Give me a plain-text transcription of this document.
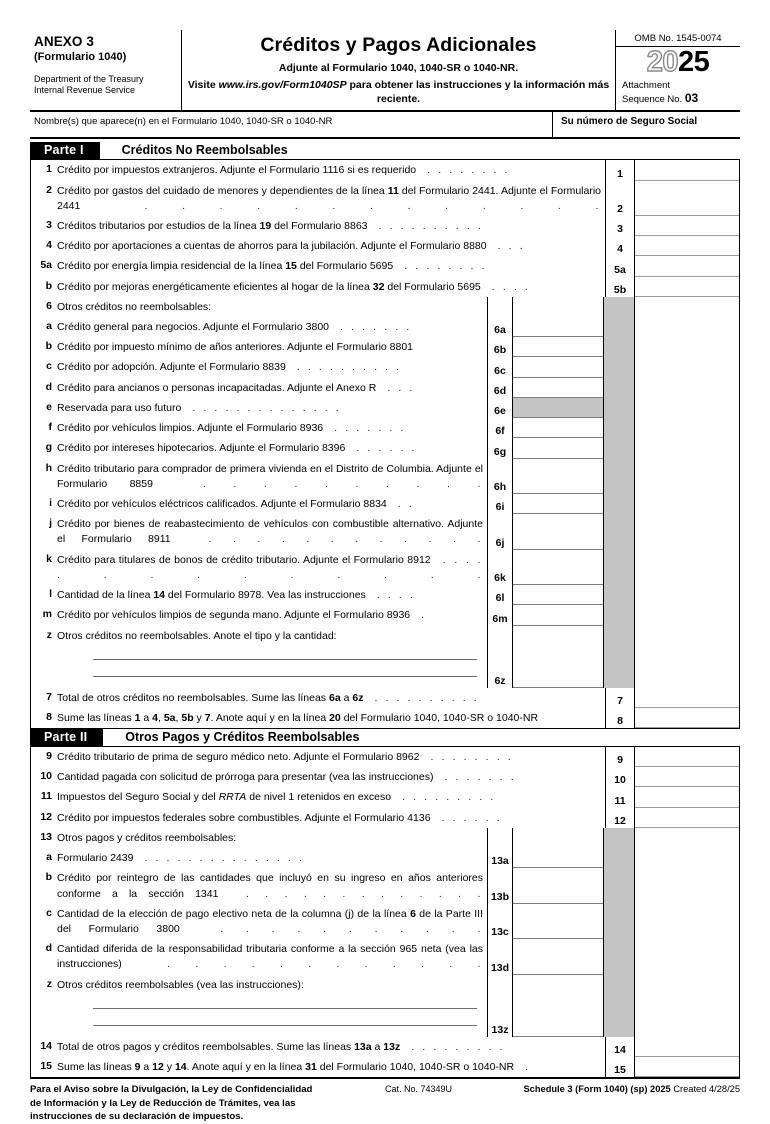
ANEXO 3
(Formulario 1040)
Department of the Treasury
Internal Revenue Service
Créditos y Pagos Adicionales
Adjunte al Formulario 1040, 1040-SR o 1040-NR.
Visite www.irs.gov/Form1040SP para obtener las instrucciones y la información más reciente.
OMB No. 1545-0074
2025
Attachment
Sequence No. 03
Nombre(s) que aparece(n) en el Formulario 1040, 1040-SR o 1040-NR	Su número de Seguro Social
Parte I	Créditos No Reembolsables
1 Crédito por impuestos extranjeros. Adjunte el Formulario 1116 si es requerido  . . . . . . . .	1
2 Crédito por gastos del cuidado de menores y dependientes de la línea 11 del Formulario 2441. Adjunte el Formulario 2441  . . . . . . . . . . . . .	2
3 Créditos tributarios por estudios de la línea 19 del Formulario 8863  . . . . . . . . . .	3
4 Crédito por aportaciones a cuentas de ahorros para la jubilación. Adjunte el Formulario 8880  . . .	4
5a Crédito por energía limpia residencial de la línea 15 del Formulario 5695  . . . . . . . .	5a
b Crédito por mejoras energéticamente eficientes al hogar de la línea 32 del Formulario 5695  . . . .	5b
6 Otros créditos no reembolsables:
a Crédito general para negocios. Adjunte el Formulario 3800  . . . . . . .	6a
b Crédito por impuesto mínimo de años anteriores. Adjunte el Formulario 8801	6b
c Crédito por adopción. Adjunte el Formulario 8839  . . . . . . . . . .	6c
d Crédito para ancianos o personas incapacitadas. Adjunte el Anexo R  . . .	6d
e Reservada para uso futuro  . . . . . . . . . . . . . .	6e
f Crédito por vehículos limpios. Adjunte el Formulario 8936  . . . . . . .	6f
g Crédito por intereses hipotecarios. Adjunte el Formulario 8396  . . . . . .	6g
h Crédito tributario para comprador de primera vivienda en el Distrito de Columbia. Adjunte el Formulario 8859  . . . . . . . . . .	6h
i Crédito por vehículos eléctricos calificados. Adjunte el Formulario 8834  . .	6i
j Crédito por bienes de reabastecimiento de vehículos con combustible alternativo. Adjunte el Formulario 8911  . . . . . . . . . . . .	6j
k Crédito para titulares de bonos de crédito tributario. Adjunte el Formulario 8912  . . . . . . . . . . . . . .	6k
l Cantidad de la línea 14 del Formulario 8978. Vea las instrucciones  . . . .	6l
m Crédito por vehículos limpios de segunda mano. Adjunte el Formulario 8936  .	6m
z Otros créditos no reembolsables. Anote el tipo y la cantidad:
6z
7 Total de otros créditos no reembolsables. Sume las líneas 6a a 6z  . . . . . . . . . .	7
8 Sume las líneas 1 a 4, 5a, 5b y 7. Anote aquí y en la línea 20 del Formulario 1040, 1040-SR o 1040-NR	8
Parte II	Otros Pagos y Créditos Reembolsables
9 Crédito tributario de prima de seguro médico neto. Adjunte el Formulario 8962  . . . . . . . .	9
10 Cantidad pagada con solicitud de prórroga para presentar (vea las instrucciones)  . . . . . . .	10
11 Impuestos del Seguro Social y del RRTA de nivel 1 retenidos en exceso  . . . . . . . . .	11
12 Crédito por impuestos federales sobre combustibles. Adjunte el Formulario 4136  . . . . . .	12
13 Otros pagos y créditos reembolsables:
a Formulario 2439  . . . . . . . . . . . . . . .	13a
b Crédito por reintegro de las cantidades que incluyó en su ingreso en años anteriores conforme a la sección 1341  . . . . . . . . . . . . . 13b
c Cantidad de la elección de pago electivo neta de la columna (j) de la línea 6 de la Parte III del Formulario 3800  . . . . . . . . . . . 13c
d Cantidad diferida de la responsabilidad tributaria conforme a la sección 965 neta (vea las instrucciones)  . . . . . . . . . . . . 13d
z Otros créditos reembolsables (vea las instrucciones):
13z
14 Total de otros pagos y créditos reembolsables. Sume las líneas 13a a 13z  . . . . . . . . .	14
15 Sume las líneas 9 a 12 y 14. Anote aquí y en la línea 31 del Formulario 1040, 1040-SR o 1040-NR  .	15
Para el Aviso sobre la Divulgación, la Ley de Confidencialidad
de Información y la Ley de Reducción de Trámites, vea las
instrucciones de su declaración de impuestos.
Cat. No. 74349U	Schedule 3 (Form 1040) (sp) 2025 Created 4/28/25
